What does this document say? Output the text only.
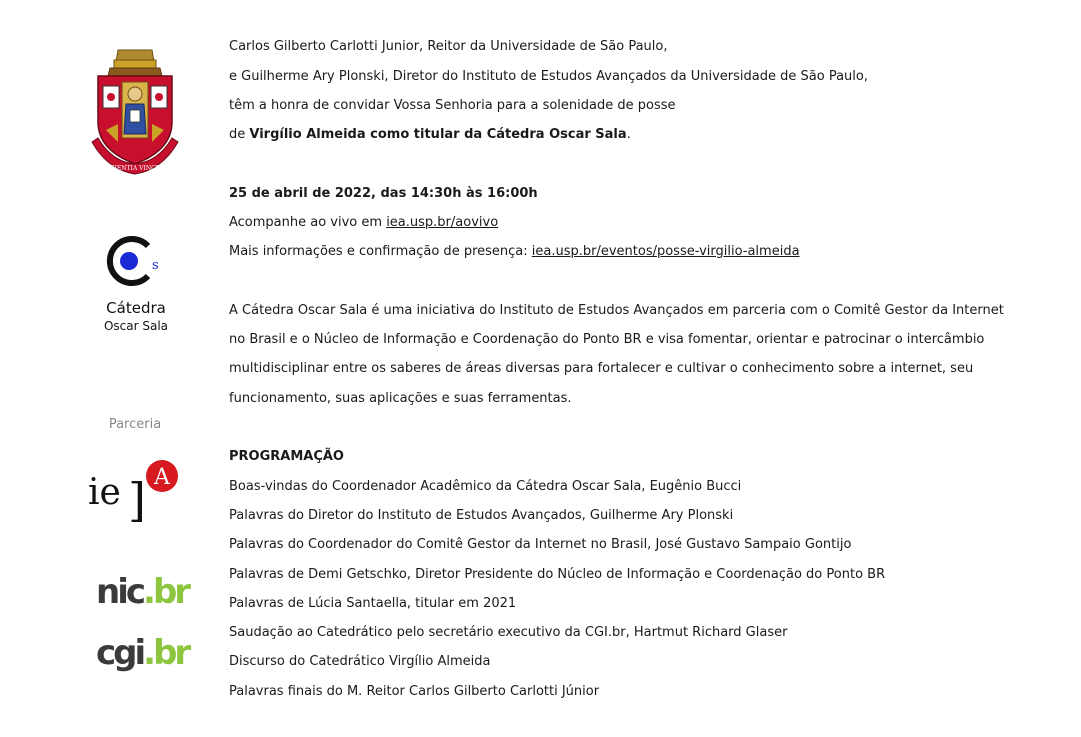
SCIENTIA VINCES
s
Cátedra
Oscar Sala
Parceria
ie ] A
nic.br
cgi.br
Carlos Gilberto Carlotti Junior, Reitor da Universidade de São Paulo,
e Guilherme Ary Plonski, Diretor do Instituto de Estudos Avançados da Universidade de São Paulo,
têm a honra de convidar Vossa Senhoria para a solenidade de posse
de Virgílio Almeida como titular da Cátedra Oscar Sala.
25 de abril de 2022, das 14:30h às 16:00h
Acompanhe ao vivo em iea.usp.br/aovivo
Mais informações e confirmação de presença: iea.usp.br/eventos/posse-virgilio-almeida
A Cátedra Oscar Sala é uma iniciativa do Instituto de Estudos Avançados em parceria com o Comitê Gestor da Internet
no Brasil e o Núcleo de Informação e Coordenação do Ponto BR e visa fomentar, orientar e patrocinar o intercâmbio
multidisciplinar entre os saberes de áreas diversas para fortalecer e cultivar o conhecimento sobre a internet, seu
funcionamento, suas aplicações e suas ferramentas.
PROGRAMAÇÃO
Boas-vindas do Coordenador Acadêmico da Cátedra Oscar Sala, Eugênio Bucci
Palavras do Diretor do Instituto de Estudos Avançados, Guilherme Ary Plonski
Palavras do Coordenador do Comitê Gestor da Internet no Brasil, José Gustavo Sampaio Gontijo
Palavras de Demi Getschko, Diretor Presidente do Núcleo de Informação e Coordenação do Ponto BR
Palavras de Lúcia Santaella, titular em 2021
Saudação ao Catedrático pelo secretário executivo da CGI.br, Hartmut Richard Glaser
Discurso do Catedrático Virgílio Almeida
Palavras finais do M. Reitor Carlos Gilberto Carlotti Júnior
